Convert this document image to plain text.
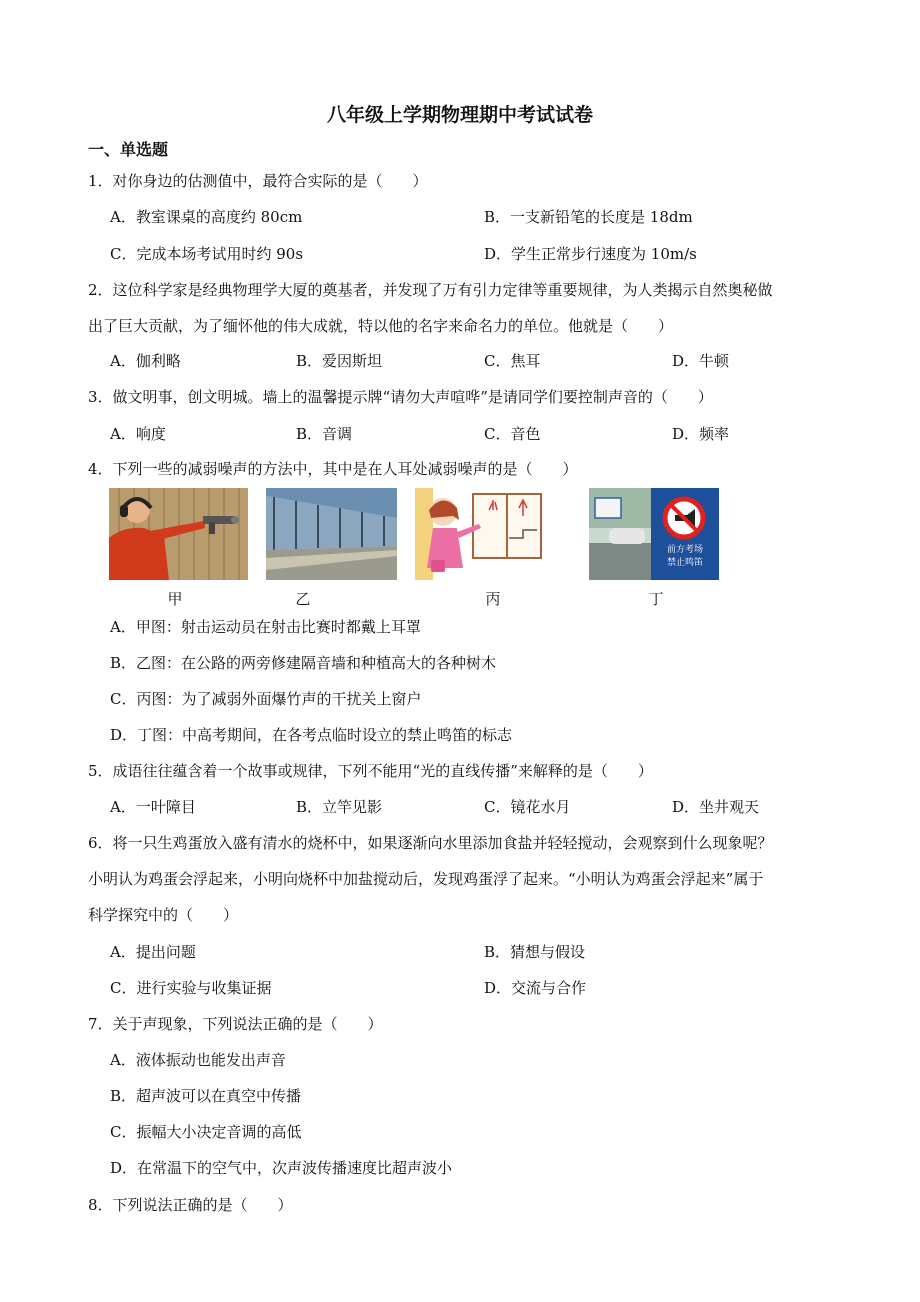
八年级上学期物理期中考试试卷
一、单选题
1．对你身边的估测值中，最符合实际的是（　　）
A．教室课桌的高度约 80cm	B．一支新铅笔的长度是 18dm
C．完成本场考试用时约 90s	D．学生正常步行速度为 10m/s
2．这位科学家是经典物理学大厦的奠基者，并发现了万有引力定律等重要规律，为人类揭示自然奥秘做
出了巨大贡献，为了缅怀他的伟大成就，特以他的名字来命名力的单位。他就是（　　）
A．伽利略	B．爱因斯坦	C．焦耳	D．牛顿
3．做文明事，创文明城。墙上的温馨提示牌“请勿大声喧哗”是请同学们要控制声音的（　　）
A．响度	B．音调	C．音色	D．频率
4．下列一些的减弱噪声的方法中，其中是在人耳处减弱噪声的是（　　）
前方考场
禁止鸣笛
甲	乙	丙	丁
A．甲图：射击运动员在射击比赛时都戴上耳罩
B．乙图：在公路的两旁修建隔音墙和种植高大的各种树木
C．丙图：为了减弱外面爆竹声的干扰关上窗户
D．丁图：中高考期间，在各考点临时设立的禁止鸣笛的标志
5．成语往往蕴含着一个故事或规律，下列不能用“光的直线传播”来解释的是（　　）
A．一叶障目	B．立竿见影	C．镜花水月	D．坐井观天
6．将一只生鸡蛋放入盛有清水的烧杯中，如果逐渐向水里添加食盐并轻轻搅动，会观察到什么现象呢？
小明认为鸡蛋会浮起来，小明向烧杯中加盐搅动后，发现鸡蛋浮了起来。“小明认为鸡蛋会浮起来”属于
科学探究中的（　　）
A．提出问题	B．猜想与假设
C．进行实验与收集证据	D．交流与合作
7．关于声现象，下列说法正确的是（　　）
A．液体振动也能发出声音
B．超声波可以在真空中传播
C．振幅大小决定音调的高低
D．在常温下的空气中，次声波传播速度比超声波小
8．下列说法正确的是（　　）
